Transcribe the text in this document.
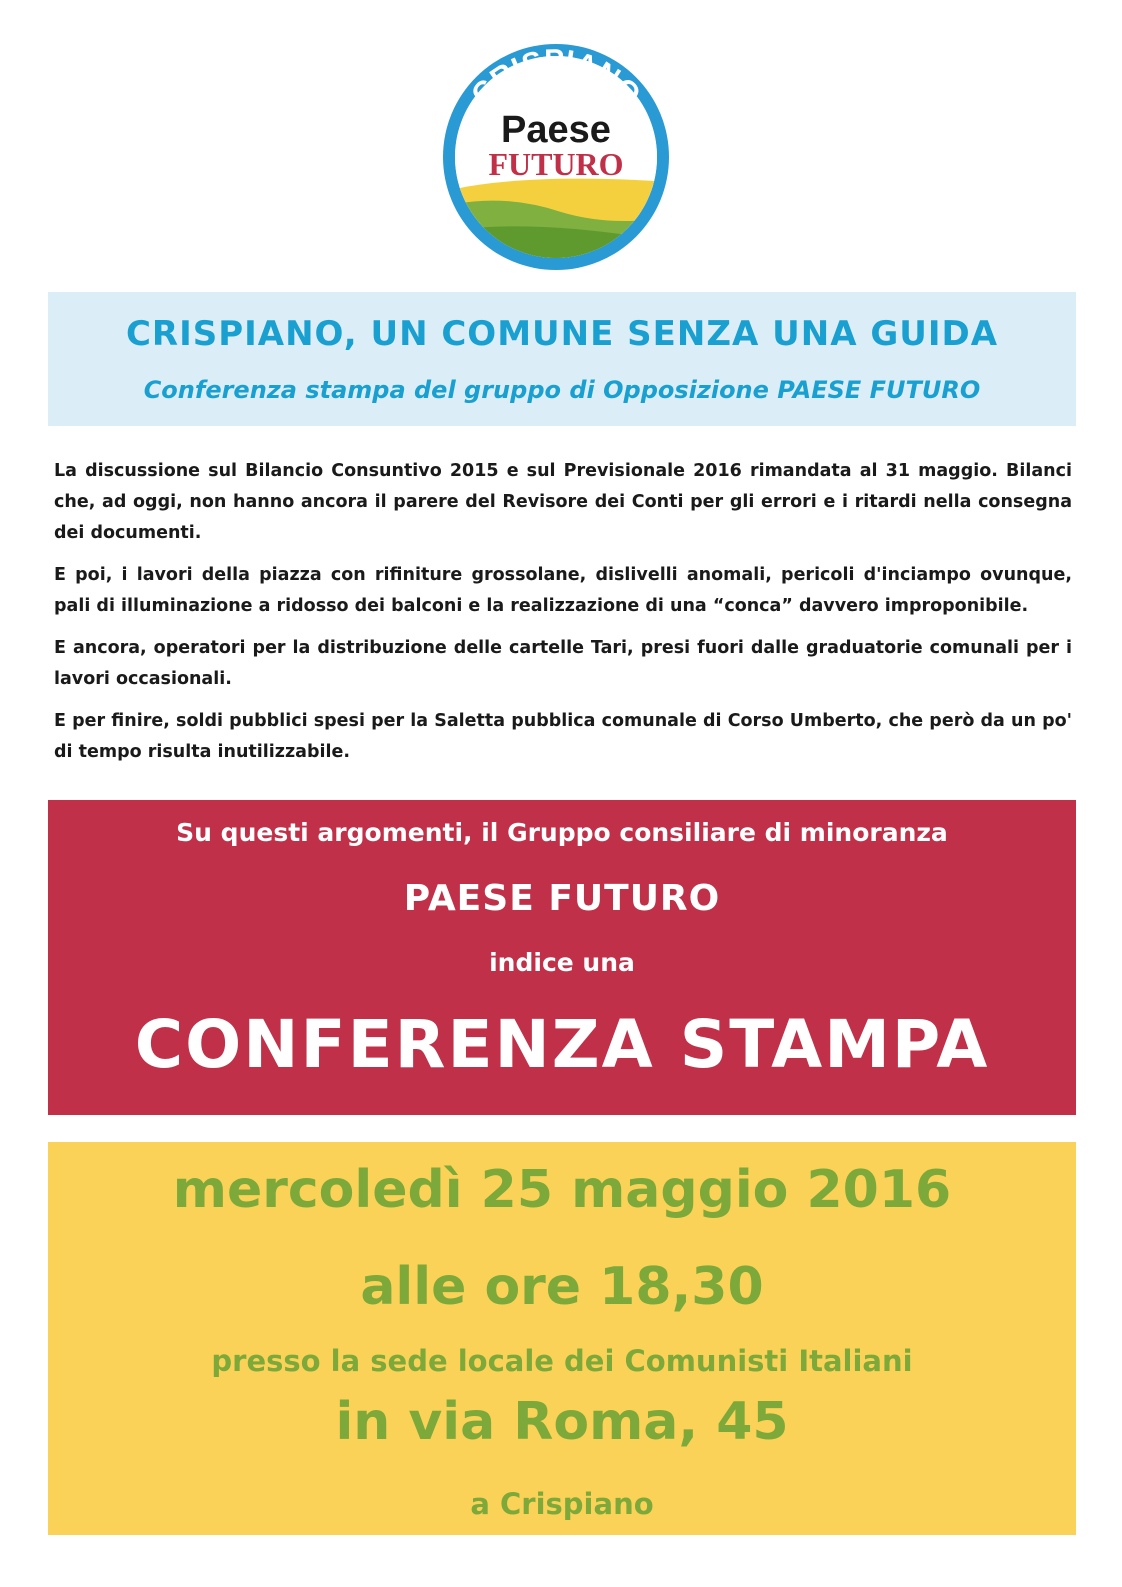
CRISPIANO
Paese
FUTURO
CRISPIANO, UN COMUNE SENZA UNA GUIDA
Conferenza stampa del gruppo di Opposizione PAESE FUTURO

La discussione sul Bilancio Consuntivo 2015 e sul Previsionale 2016 rimandata al 31 maggio. Bilanci che, ad oggi, non hanno ancora il parere del Revisore dei Conti per gli errori e i ritardi nella consegna dei documenti.

E poi, i lavori della piazza con rifiniture grossolane, dislivelli anomali, pericoli d'inciampo ovunque, pali di illuminazione a ridosso dei balconi e la realizzazione di una “conca” davvero improponibile.

E ancora, operatori per la distribuzione delle cartelle Tari, presi fuori dalle graduatorie comunali per i lavori occasionali.

E per finire, soldi pubblici spesi per la Saletta pubblica comunale di Corso Umberto, che però da un po' di tempo risulta inutilizzabile.

Su questi argomenti, il Gruppo consiliare di minoranza
PAESE FUTURO
indice una
CONFERENZA STAMPA
mercoledì 25 maggio 2016
alle ore 18,30
presso la sede locale dei Comunisti Italiani
in via Roma, 45
a Crispiano
